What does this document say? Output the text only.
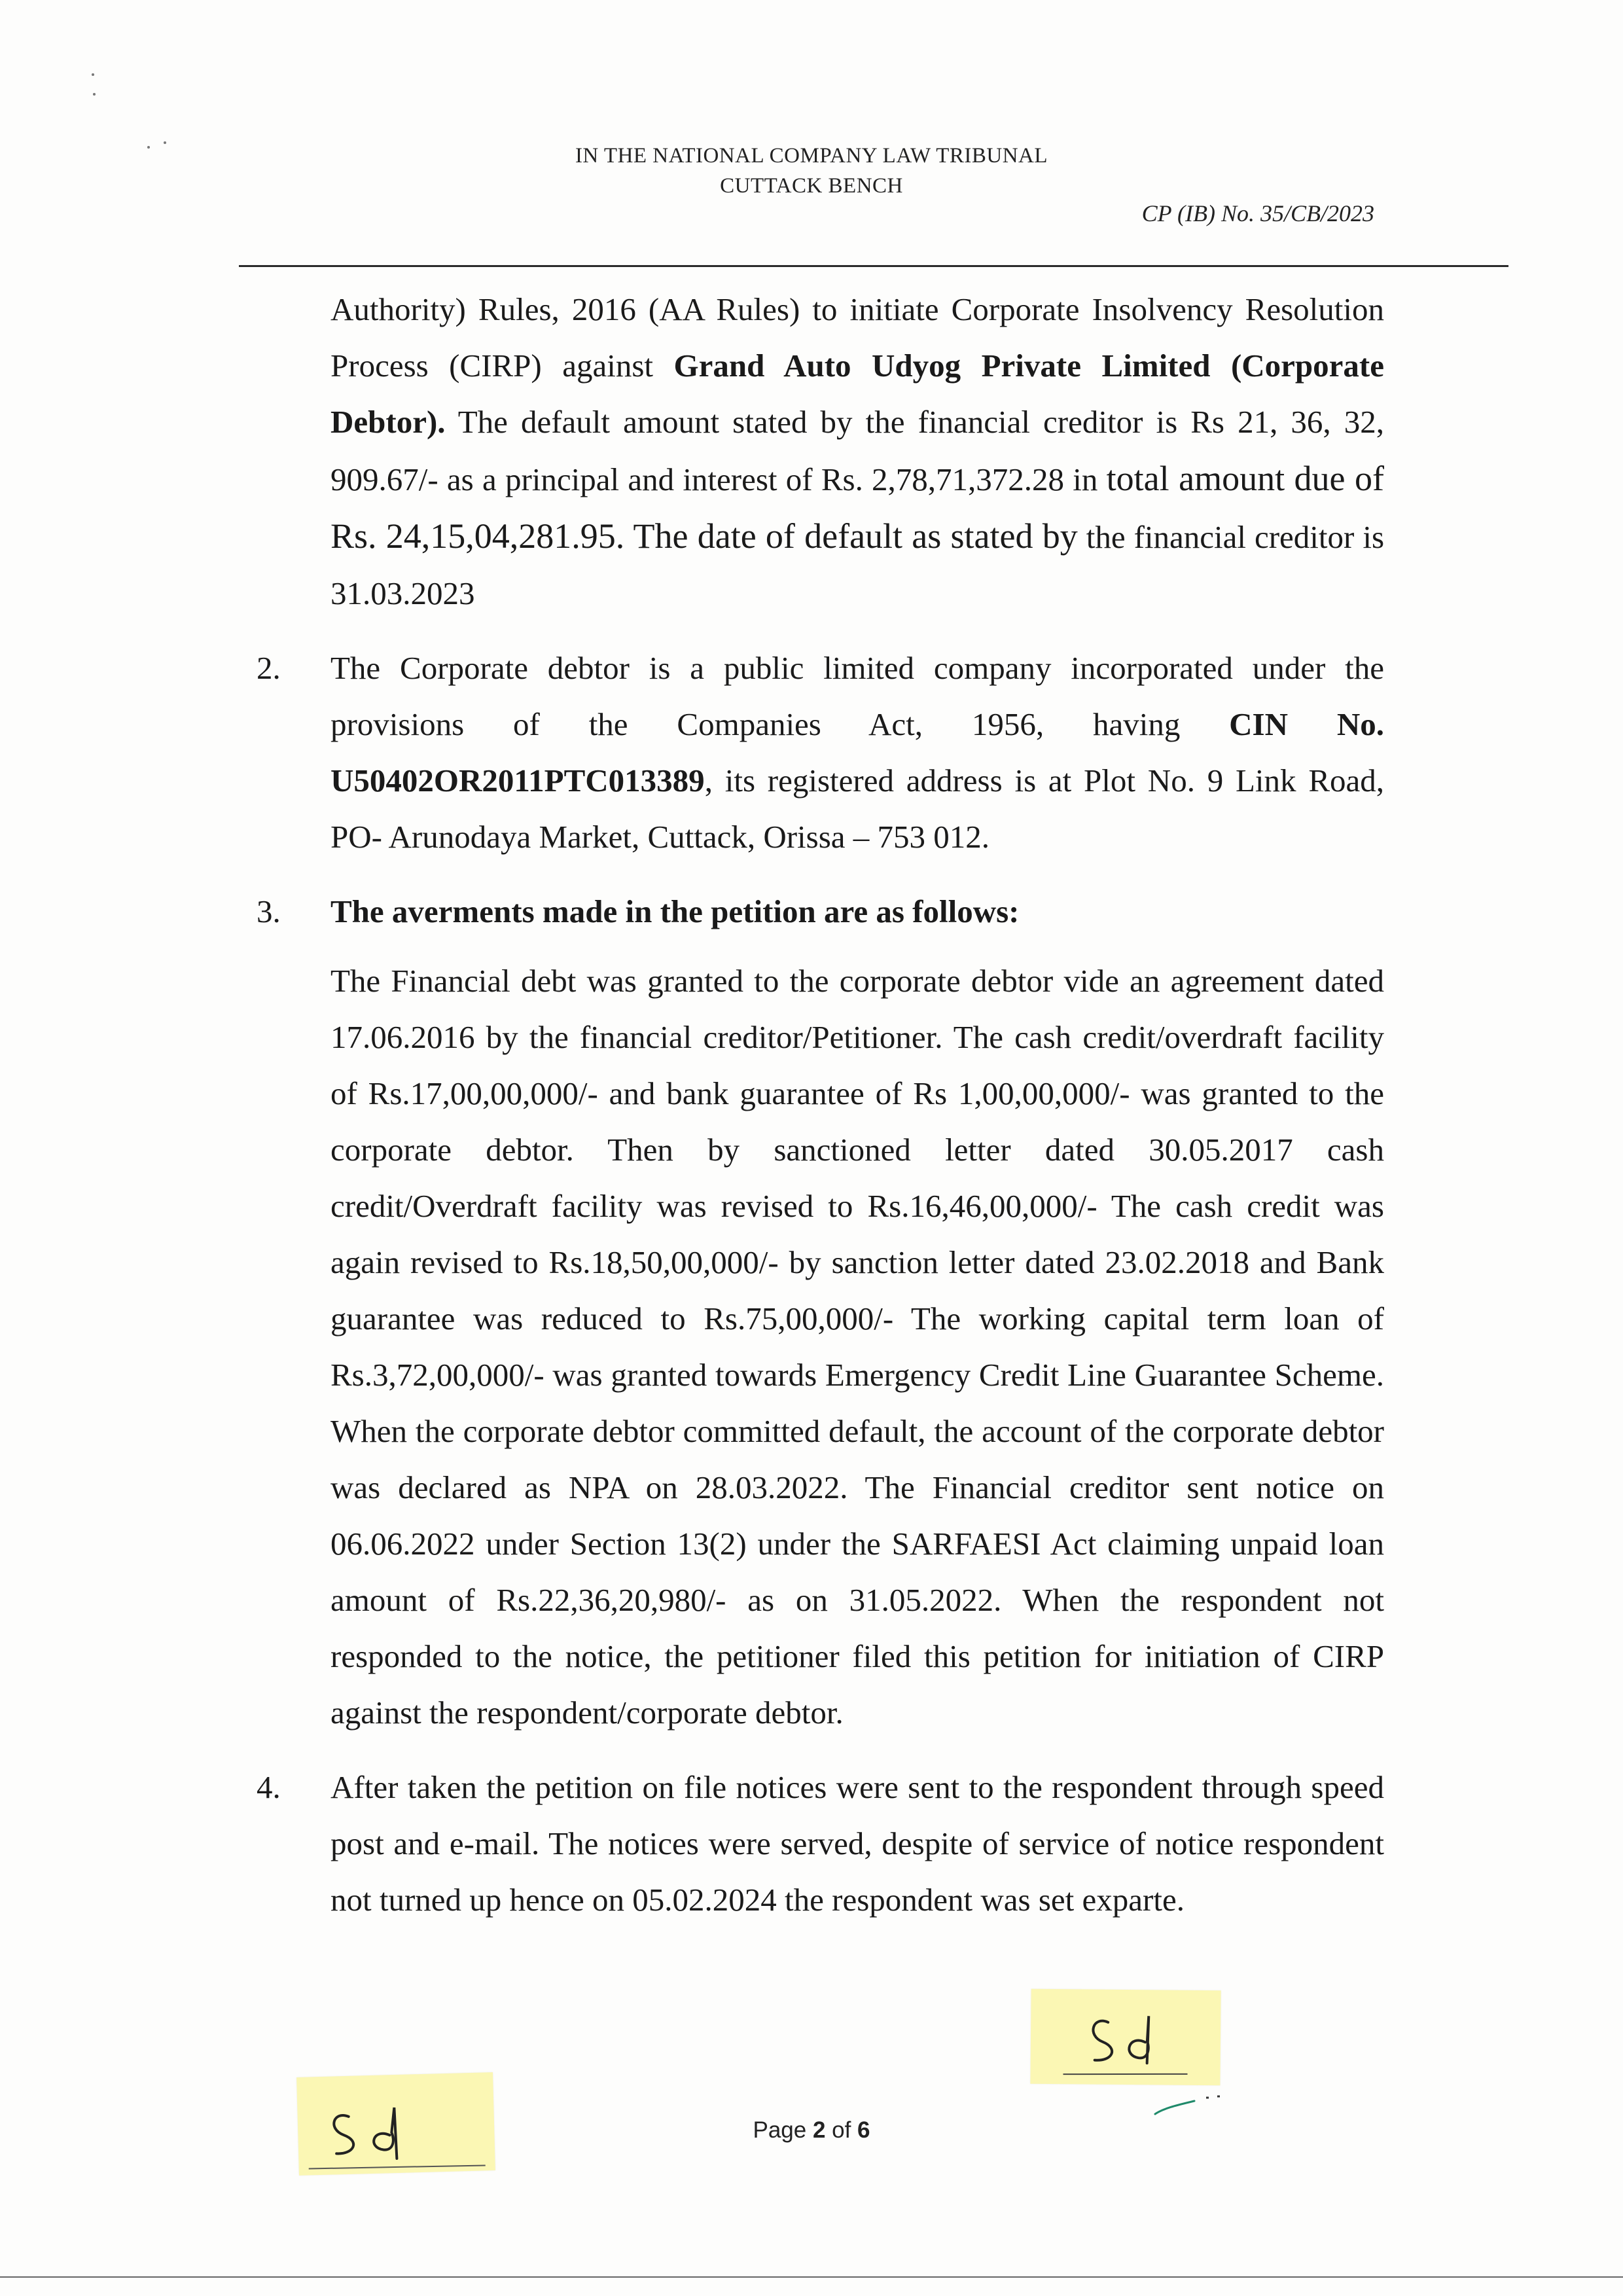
IN THE NATIONAL COMPANY LAW TRIBUNAL
CUTTACK BENCH
CP (IB) No. 35/CB/2023

Authority) Rules, 2016 (AA Rules) to initiate Corporate Insolvency Resolution Process (CIRP) against Grand Auto Udyog Private Limited (Corporate Debtor). The default amount stated by the financial creditor is Rs 21, 36, 32, 909.67/- as a principal and interest of Rs. 2,78,71,372.28 in total amount due of Rs. 24,15,04,281.95. The date of default as stated by the financial creditor is 31.03.2023

2. The Corporate debtor is a public limited company incorporated under the provisions of the Companies Act, 1956, having CIN No. U50402OR2011PTC013389, its registered address is at Plot No. 9 Link Road, PO- Arunodaya Market, Cuttack, Orissa – 753 012.

3. The averments made in the petition are as follows:

The Financial debt was granted to the corporate debtor vide an agreement dated 17.06.2016 by the financial creditor/Petitioner. The cash credit/overdraft facility of Rs.17,00,00,000/- and bank guarantee of Rs 1,00,00,000/- was granted to the corporate debtor. Then by sanctioned letter dated 30.05.2017 cash credit/Overdraft facility was revised to Rs.16,46,00,000/- The cash credit was again revised to Rs.18,50,00,000/- by sanction letter dated 23.02.2018 and Bank guarantee was reduced to Rs.75,00,000/- The working capital term loan of Rs.3,72,00,000/- was granted towards Emergency Credit Line Guarantee Scheme. When the corporate debtor committed default, the account of the corporate debtor was declared as NPA on 28.03.2022. The Financial creditor sent notice on 06.06.2022 under Section 13(2) under the SARFAESI Act claiming unpaid loan amount of Rs.22,36,20,980/- as on 31.05.2022. When the respondent not responded to the notice, the petitioner filed this petition for initiation of CIRP against the respondent/corporate debtor.

4. After taken the petition on file notices were sent to the respondent through speed post and e-mail. The notices were served, despite of service of notice respondent not turned up hence on 05.02.2024 the respondent was set exparte.

Page 2 of 6
